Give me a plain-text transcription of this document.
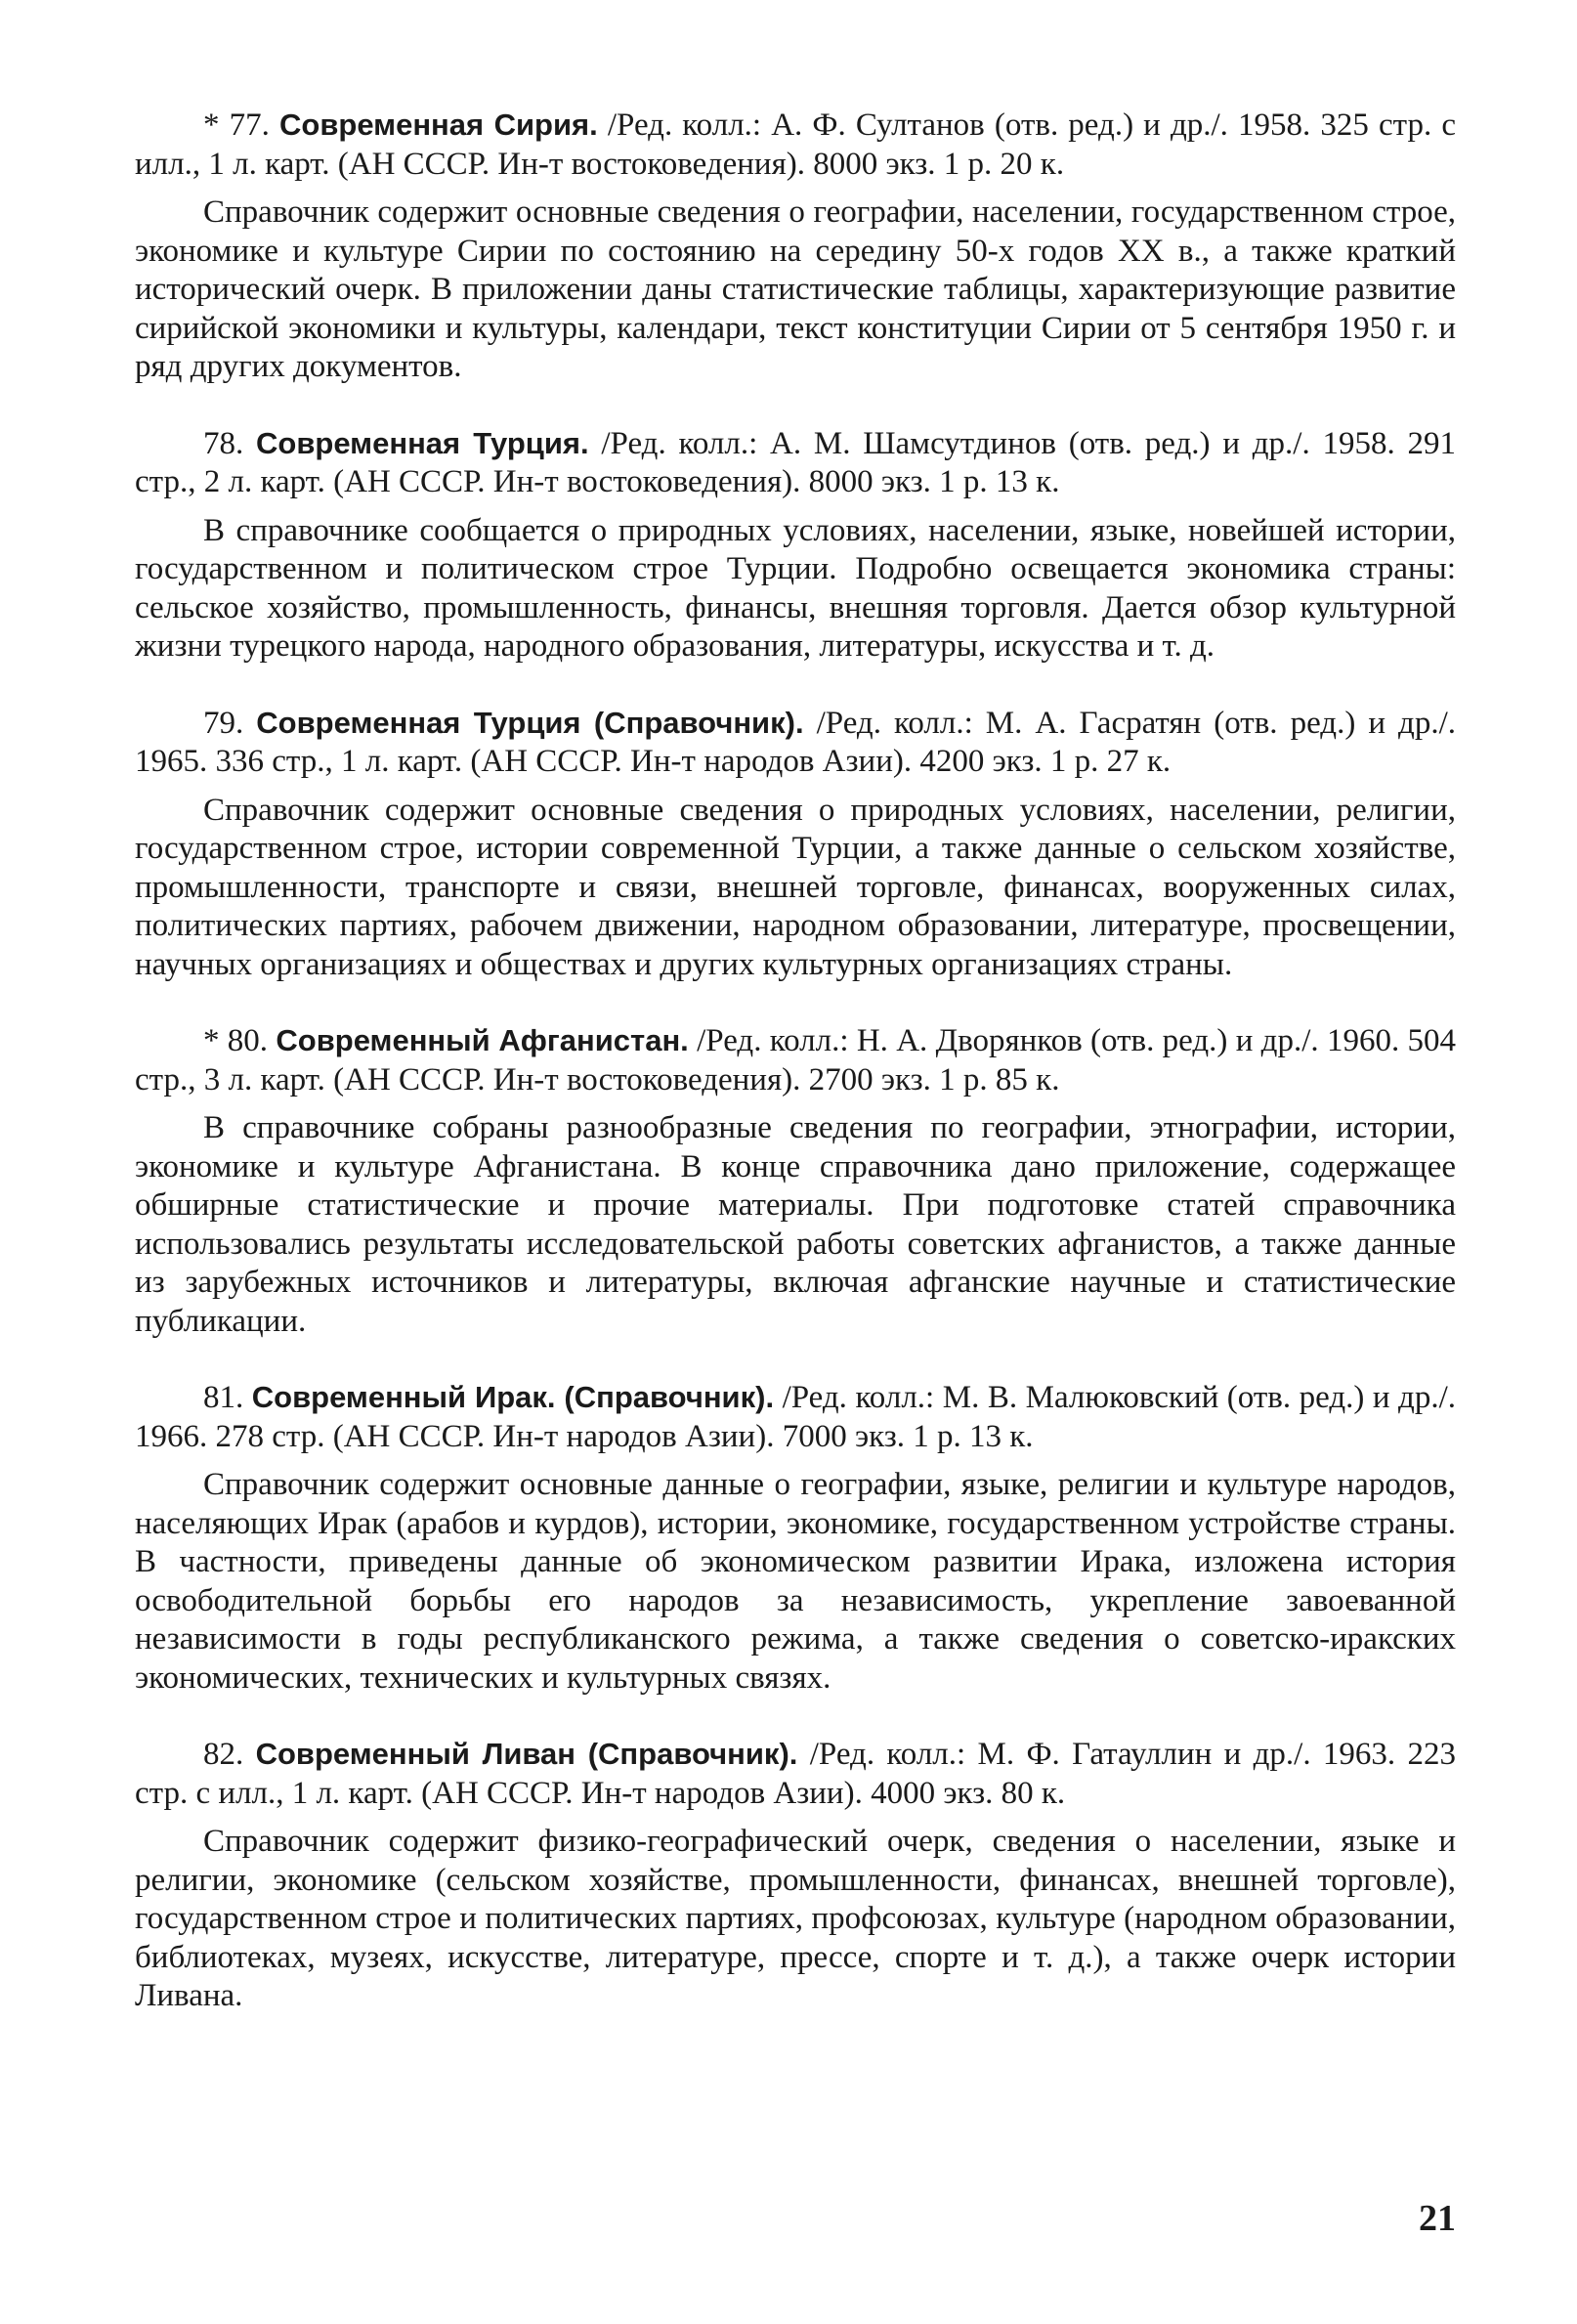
* 77. Современная Сирия. /Ред. колл.: А. Ф. Султанов (отв. ред.) и др./. 1958. 325 стр. с илл., 1 л. карт. (АН СССР. Ин-т востоковедения). 8000 экз. 1 р. 20 к.

Справочник содержит основные сведения о географии, населении, государственном строе, экономике и культуре Сирии по состоянию на середину 50-х годов XX в., а также краткий исторический очерк. В приложении даны статистические таблицы, характеризующие развитие сирийской экономики и культуры, календари, текст конституции Сирии от 5 сентября 1950 г. и ряд других документов.

78. Современная Турция. /Ред. колл.: А. М. Шамсутдинов (отв. ред.) и др./. 1958. 291 стр., 2 л. карт. (АН СССР. Ин-т востоковедения). 8000 экз. 1 р. 13 к.

В справочнике сообщается о природных условиях, населении, языке, новейшей истории, государственном и политическом строе Турции. Подробно освещается экономика страны: сельское хозяйство, промышленность, финансы, внешняя торговля. Дается обзор культурной жизни турецкого народа, народного образования, литературы, искусства и т. д.

79. Современная Турция (Справочник). /Ред. колл.: М. А. Гасратян (отв. ред.) и др./. 1965. 336 стр., 1 л. карт. (АН СССР. Ин-т народов Азии). 4200 экз. 1 р. 27 к.

Справочник содержит основные сведения о природных условиях, населении, религии, государственном строе, истории современной Турции, а также данные о сельском хозяйстве, промышленности, транспорте и связи, внешней торговле, финансах, вооруженных силах, политических партиях, рабочем движении, народном образовании, литературе, просвещении, научных организациях и обществах и других культурных организациях страны.

* 80. Современный Афганистан. /Ред. колл.: Н. А. Дворянков (отв. ред.) и др./. 1960. 504 стр., 3 л. карт. (АН СССР. Ин-т востоковедения). 2700 экз. 1 р. 85 к.

В справочнике собраны разнообразные сведения по географии, этнографии, истории, экономике и культуре Афганистана. В конце справочника дано приложение, содержащее обширные статистические и прочие материалы. При подготовке статей справочника использовались результаты исследовательской работы советских афганистов, а также данные из зарубежных источников и литературы, включая афганские научные и статистические публикации.

81. Современный Ирак. (Справочник). /Ред. колл.: М. В. Малюковский (отв. ред.) и др./. 1966. 278 стр. (АН СССР. Ин-т народов Азии). 7000 экз. 1 р. 13 к.

Справочник содержит основные данные о географии, языке, религии и культуре народов, населяющих Ирак (арабов и курдов), истории, экономике, государственном устройстве страны. В частности, приведены данные об экономическом развитии Ирака, изложена история освободительной борьбы его народов за независимость, укрепление завоеванной независимости в годы республиканского режима, а также сведения о советско-иракских экономических, технических и культурных связях.

82. Современный Ливан (Справочник). /Ред. колл.: М. Ф. Гатауллин и др./. 1963. 223 стр. с илл., 1 л. карт. (АН СССР. Ин-т народов Азии). 4000 экз. 80 к.

Справочник содержит физико-географический очерк, сведения о населении, языке и религии, экономике (сельском хозяйстве, промышленности, финансах, внешней торговле), государственном строе и политических партиях, профсоюзах, культуре (народном образовании, библиотеках, музеях, искусстве, литературе, прессе, спорте и т. д.), а также очерк истории Ливана.

21
